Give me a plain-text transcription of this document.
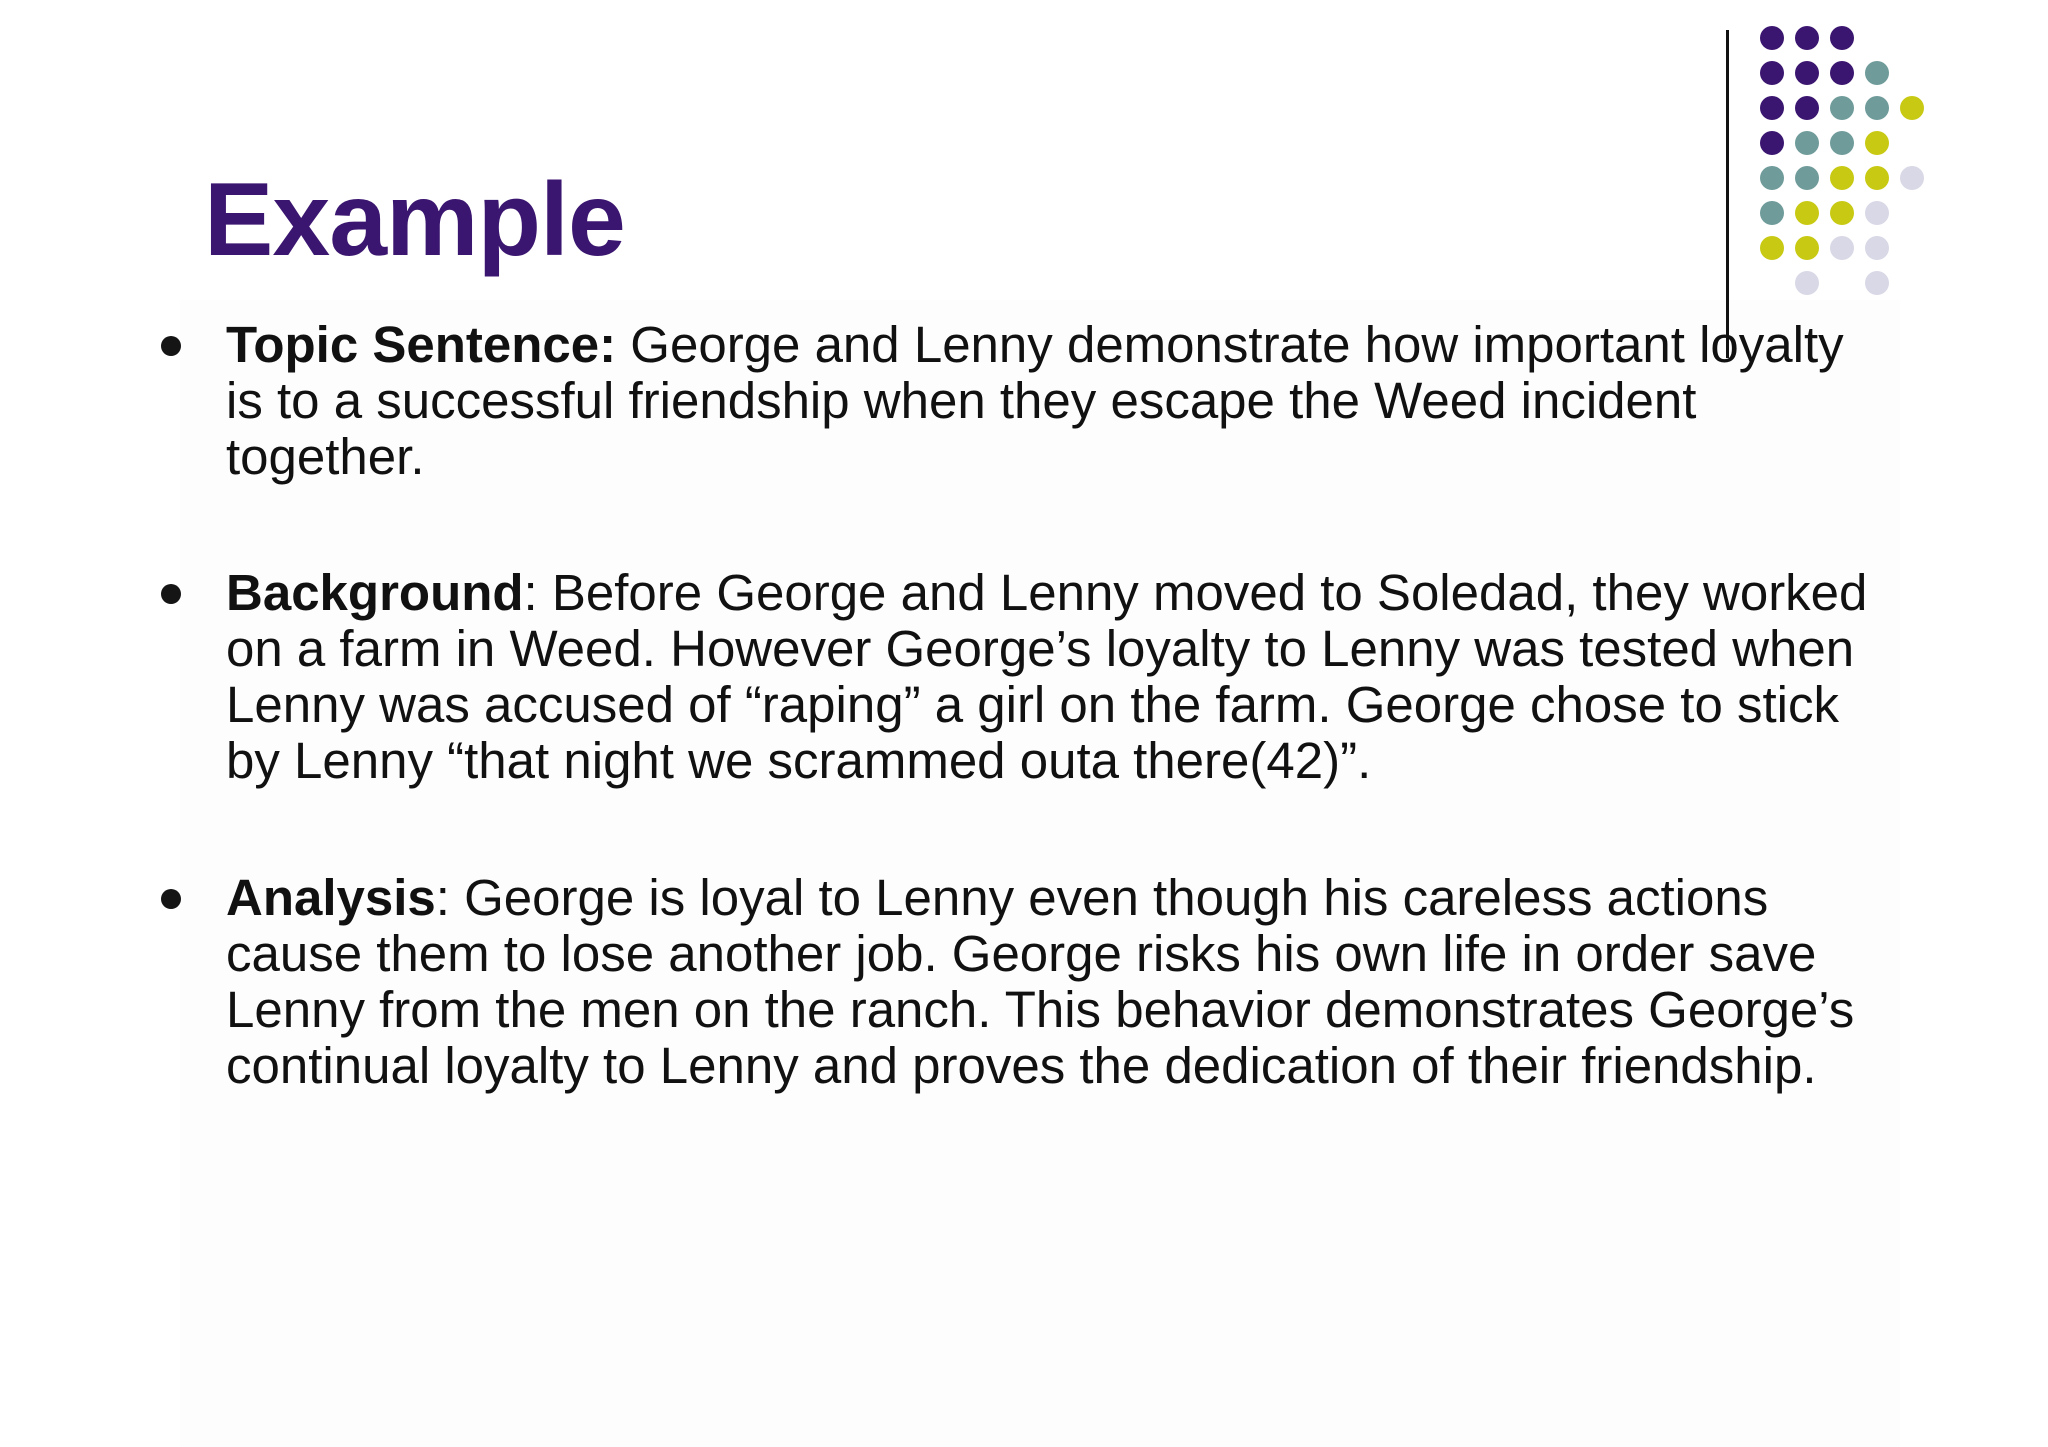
Example
Topic Sentence: George and Lenny demonstrate how important loyalty is to a successful friendship when they escape the Weed incident together.
Background: Before George and Lenny moved to Soledad, they worked on a farm in Weed. However George’s loyalty to Lenny was tested when Lenny was accused of “raping” a girl on the farm. George chose to stick by Lenny “that night we scrammed outa there(42)”.
Analysis: George is loyal to Lenny even though his careless actions cause them to lose another job. George risks his own life in order save Lenny from the men on the ranch. This behavior demonstrates George’s continual loyalty to Lenny and proves the dedication of their friendship.
